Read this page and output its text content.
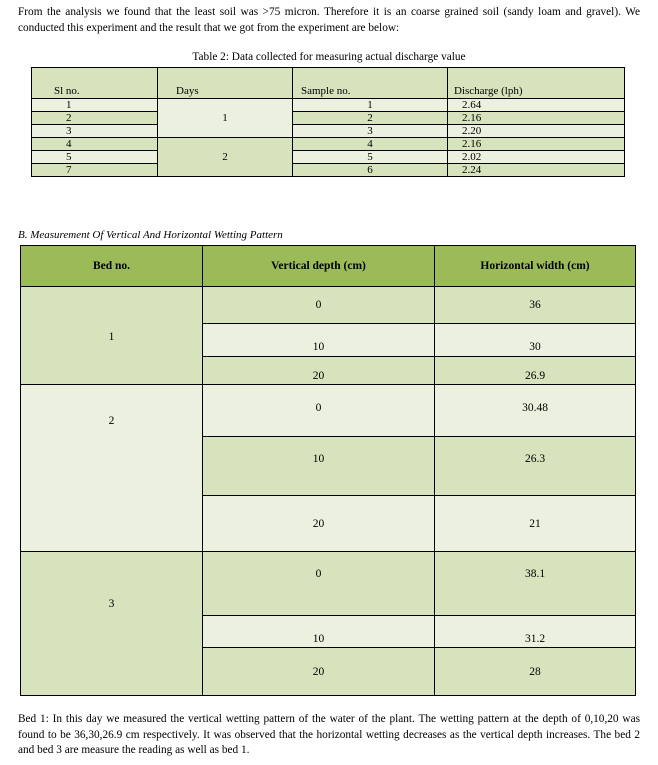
From the analysis we found that the least soil was >75 micron. Therefore it is an coarse grained soil (sandy loam and gravel). We conducted this experiment and the result that we got from the experiment are below:
Table 2: Data collected for measuring actual discharge value
Sl no.	Days	Sample no.	Discharge (lph)
1	1	1	2.64
2		2	2.16
3		3	2.20
4	2	4	2.16
5		5	2.02
7		6	2.24
B. Measurement Of Vertical And Horizontal Wetting Pattern
Bed no.	Vertical depth (cm)	Horizontal width (cm)
1	0	36
	10	30
	20	26.9
2	0	30.48
	10	26.3
	20	21
3	0	38.1
	10	31.2
	20	28
Bed 1: In this day we measured the vertical wetting pattern of the water of the plant. The wetting pattern at the depth of 0,10,20 was found to be 36,30,26.9 cm respectively. It was observed that the horizontal wetting decreases as the vertical depth increases. The bed 2 and bed 3 are measure the reading as well as bed 1.
